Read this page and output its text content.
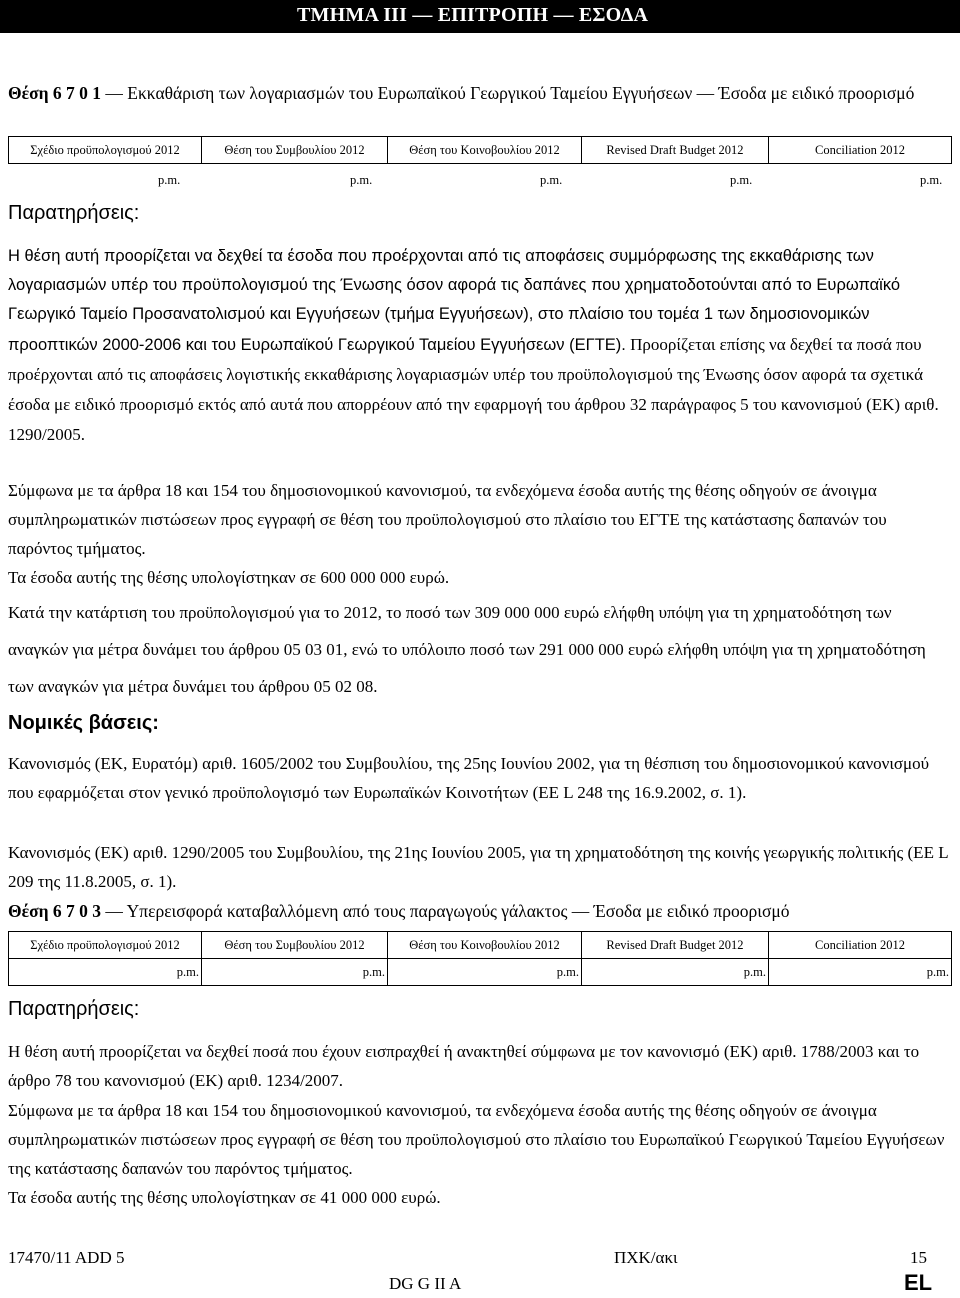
ΤΜΗΜΑ ΙΙΙ — ΕΠΙΤΡΟΠΗ — ΕΣΟΔΑ
Θέση 6 7 0 1 — Εκκαθάριση των λογαριασμών του Ευρωπαϊκού Γεωργικού Ταμείου Εγγυήσεων — Έσοδα με ειδικό προορισμό
Σχέδιο προϋπολογισμού 2012	Θέση του Συμβουλίου 2012	Θέση του Κοινοβουλίου 2012	Revised Draft Budget 2012	Conciliation 2012
p.m.	p.m.	p.m.	p.m.	p.m.
Παρατηρήσεις:
Η θέση αυτή προορίζεται να δεχθεί τα έσοδα που προέρχονται από τις αποφάσεις συμμόρφωσης της εκκαθάρισης των λογαριασμών υπέρ του προϋπολογισμού της Ένωσης όσον αφορά τις δαπάνες που χρηματοδοτούνται από το Ευρωπαϊκό Γεωργικό Ταμείο Προσανατολισμού και Εγγυήσεων (τμήμα Εγγυήσεων), στο πλαίσιο του τομέα 1 των δημοσιονομικών προοπτικών 2000-2006 και του Ευρωπαϊκού Γεωργικού Ταμείου Εγγυήσεων (ΕΓΤΕ). Προορίζεται επίσης να δεχθεί τα ποσά που προέρχονται από τις αποφάσεις λογιστικής εκκαθάρισης λογαριασμών υπέρ του προϋπολογισμού της Ένωσης όσον αφορά τα σχετικά έσοδα με ειδικό προορισμό εκτός από αυτά που απορρέουν από την εφαρμογή του άρθρου 32 παράγραφος 5 του κανονισμού (ΕΚ) αριθ. 1290/2005.
Σύμφωνα με τα άρθρα 18 και 154 του δημοσιονομικού κανονισμού, τα ενδεχόμενα έσοδα αυτής της θέσης οδηγούν σε άνοιγμα συμπληρωματικών πιστώσεων προς εγγραφή σε θέση του προϋπολογισμού στο πλαίσιο του ΕΓΤΕ της κατάστασης δαπανών του παρόντος τμήματος.
Τα έσοδα αυτής της θέσης υπολογίστηκαν σε 600 000 000 ευρώ.
Κατά την κατάρτιση του προϋπολογισμού για το 2012, το ποσό των 309 000 000 ευρώ ελήφθη υπόψη για τη χρηματοδότηση των αναγκών για μέτρα δυνάμει του άρθρου 05 03 01, ενώ το υπόλοιπο ποσό των 291 000 000 ευρώ ελήφθη υπόψη για τη χρηματοδότηση των αναγκών για μέτρα δυνάμει του άρθρου 05 02 08.
Νομικές βάσεις:
Κανονισμός (ΕΚ, Ευρατόμ) αριθ. 1605/2002 του Συμβουλίου, της 25ης Ιουνίου 2002, για τη θέσπιση του δημοσιονομικού κανονισμού που εφαρμόζεται στον γενικό προϋπολογισμό των Ευρωπαϊκών Κοινοτήτων (ΕΕ L 248 της 16.9.2002, σ. 1).
Κανονισμός (ΕΚ) αριθ. 1290/2005 του Συμβουλίου, της 21ης Ιουνίου 2005, για τη χρηματοδότηση της κοινής γεωργικής πολιτικής (ΕΕ L 209 της 11.8.2005, σ. 1).
Θέση 6 7 0 3 — Υπερεισφορά καταβαλλόμενη από τους παραγωγούς γάλακτος — Έσοδα με ειδικό προορισμό
Σχέδιο προϋπολογισμού 2012	Θέση του Συμβουλίου 2012	Θέση του Κοινοβουλίου 2012	Revised Draft Budget 2012	Conciliation 2012
p.m.	p.m.	p.m.	p.m.	p.m.
Παρατηρήσεις:
Η θέση αυτή προορίζεται να δεχθεί ποσά που έχουν εισπραχθεί ή ανακτηθεί σύμφωνα με τον κανονισμό (ΕΚ) αριθ. 1788/2003 και το άρθρο 78 του κανονισμού (ΕΚ) αριθ. 1234/2007.
Σύμφωνα με τα άρθρα 18 και 154 του δημοσιονομικού κανονισμού, τα ενδεχόμενα έσοδα αυτής της θέσης οδηγούν σε άνοιγμα συμπληρωματικών πιστώσεων προς εγγραφή σε θέση του προϋπολογισμού στο πλαίσιο του Ευρωπαϊκού Γεωργικού Ταμείου Εγγυήσεων της κατάστασης δαπανών του παρόντος τμήματος.
Τα έσοδα αυτής της θέσης υπολογίστηκαν σε 41 000 000 ευρώ.
17470/11 ADD 5	ΠΧΚ/ακι	15
DG G II A	EL
